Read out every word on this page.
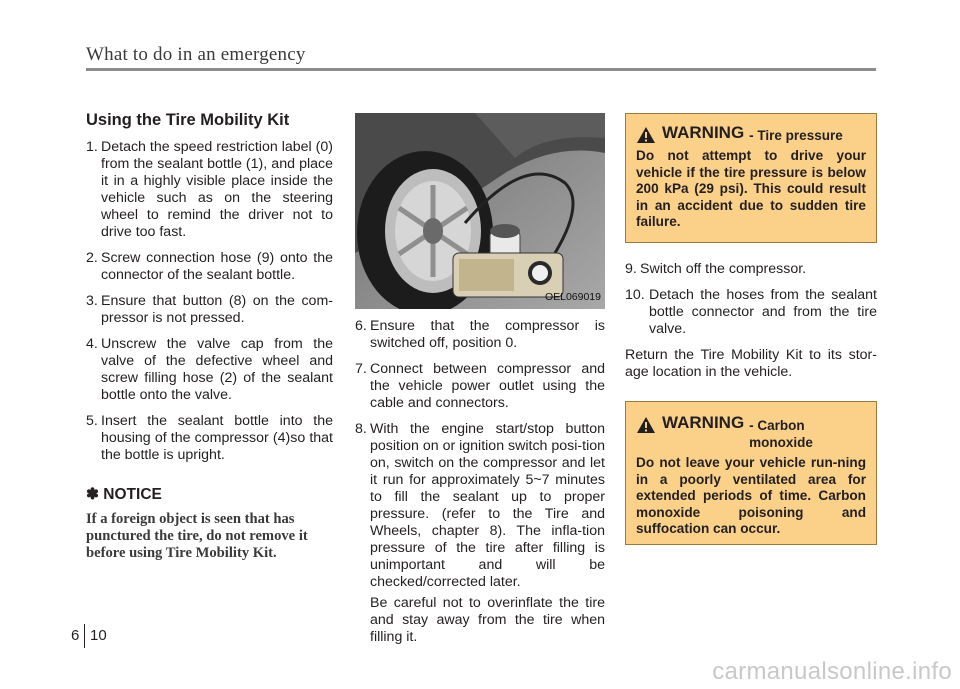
What to do in an emergency
Using the Tire Mobility Kit
1. Detach the speed restriction label (0) from the sealant bottle (1), and place it in a highly visible place inside the vehicle such as on the steering wheel to remind the driver not to drive too fast.
2. Screw connection hose (9) onto the connector of the sealant bottle.
3. Ensure that button (8) on the com-pressor is not pressed.
4. Unscrew the valve cap from the valve of the defective wheel and screw filling hose (2) of the sealant bottle onto the valve.
5. Insert the sealant bottle into the housing of the compressor (4)so that the bottle is upright.
✽ NOTICE
If a foreign object is seen that has punctured the tire, do not remove it before using Tire Mobility Kit.
OEL069019
6. Ensure that the compressor is switched off, position 0.
7. Connect between compressor and the vehicle power outlet using the cable and connectors.
8. With the engine start/stop button position on or ignition switch posi-tion on, switch on the compressor and let it run for approximately 5~7 minutes to fill the sealant up to proper pressure. (refer to the Tire and Wheels, chapter 8). The infla-tion pressure of the tire after filling is unimportant and will be checked/corrected later.

Be careful not to overinflate the tire and stay away from the tire when filling it.

WARNING - Tire pressure
Do not attempt to drive your vehicle if the tire pressure is below 200 kPa (29 psi). This could result in an accident due to sudden tire failure.
9. Switch off the compressor.
10. Detach the hoses from the sealant bottle connector and from the tire valve.

Return the Tire Mobility Kit to its stor-age location in the vehicle.

WARNING - Carbon monoxide
Do not leave your vehicle run-ning in a poorly ventilated area for extended periods of time. Carbon monoxide poisoning and suffocation can occur.
6 10
carmanualsonline.info
